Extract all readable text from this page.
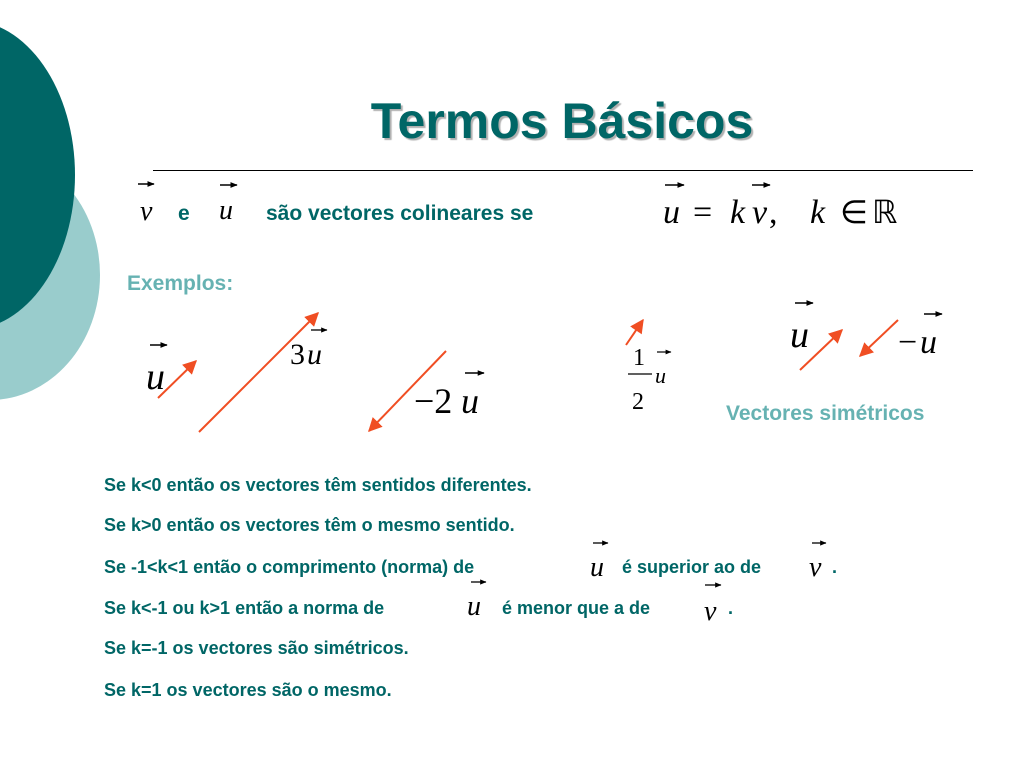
Termos Básicos
e	são vectores colineares se
Exemplos:
Vectores simétricos
Se k<0 então os vectores têm sentidos diferentes.
Se k>0 então os vectores têm o mesmo sentido.
Se -1<k<1 então o comprimento (norma) de	é superior ao de	.
Se k<-1 ou k>1 então a norma de	é menor que a de	.
Se k=-1 os vectores são simétricos.
Se k=1 os vectores são o mesmo.
v u	u = k v , k ∈ ℝ
u
3 u
−2 u
1
2
u
u	− u
u	v
u	v
